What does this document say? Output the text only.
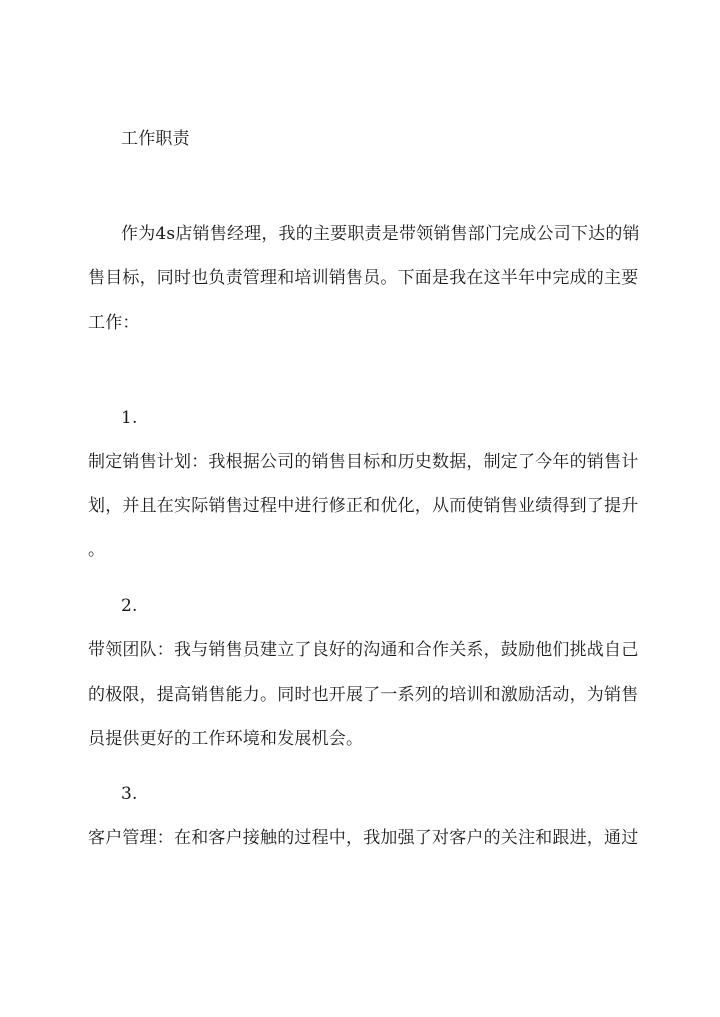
工作职责
作为4s店销售经理，我的主要职责是带领销售部门完成公司下达的销
售目标，同时也负责管理和培训销售员。下面是我在这半年中完成的主要
工作：
1.
制定销售计划：我根据公司的销售目标和历史数据，制定了今年的销售计
划，并且在实际销售过程中进行修正和优化，从而使销售业绩得到了提升
。
2.
带领团队：我与销售员建立了良好的沟通和合作关系，鼓励他们挑战自己
的极限，提高销售能力。同时也开展了一系列的培训和激励活动，为销售
员提供更好的工作环境和发展机会。
3.
客户管理：在和客户接触的过程中，我加强了对客户的关注和跟进，通过
